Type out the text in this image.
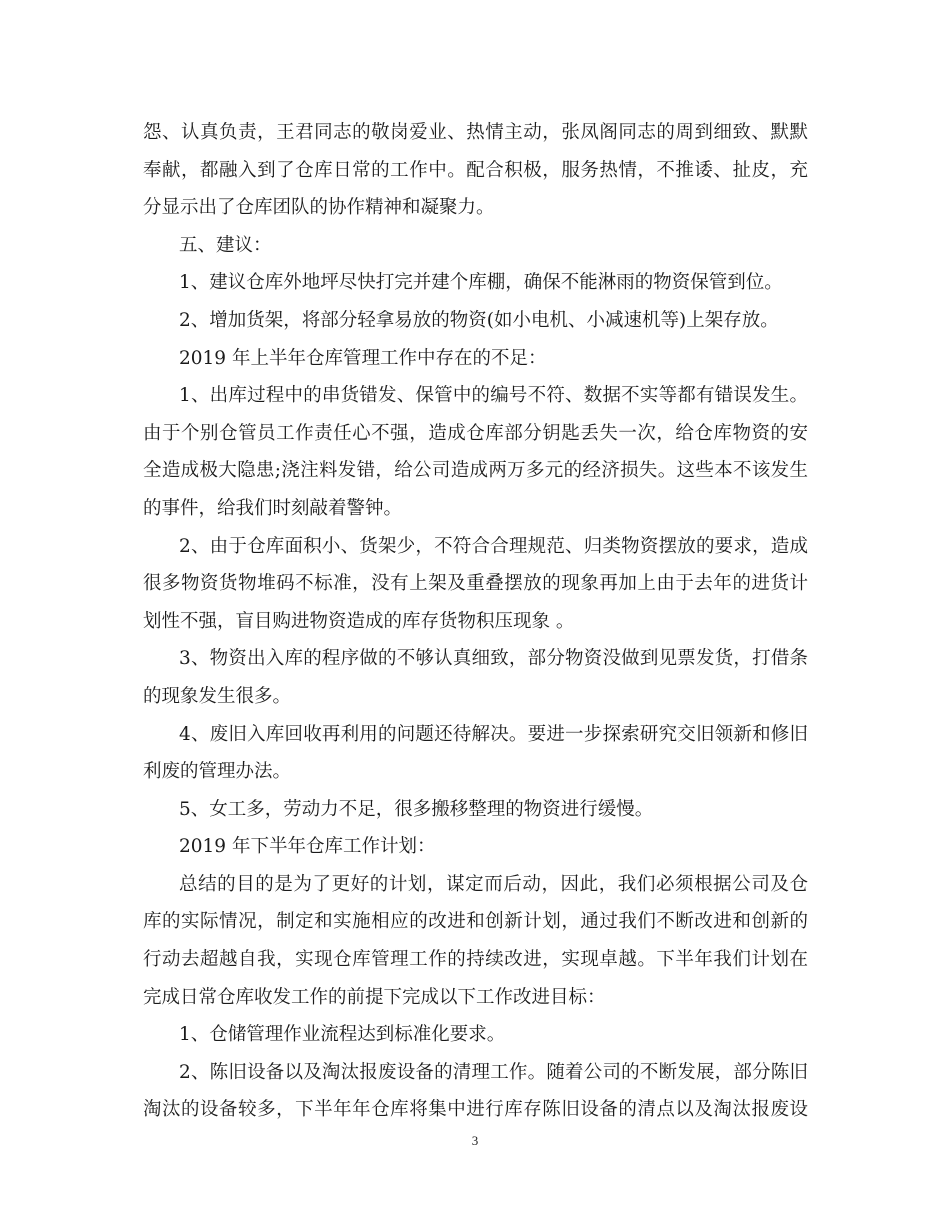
怨、认真负责，王君同志的敬岗爱业、热情主动，张凤阁同志的周到细致、默默
奉献，都融入到了仓库日常的工作中。配合积极，服务热情，不推诿、扯皮，充
分显示出了仓库团队的协作精神和凝聚力。
五、建议：
1、建议仓库外地坪尽快打完并建个库棚，确保不能淋雨的物资保管到位。
2、增加货架，将部分轻拿易放的物资(如小电机、小减速机等)上架存放。
2019 年上半年仓库管理工作中存在的不足：
1、出库过程中的串货错发、保管中的编号不符、数据不实等都有错误发生。
由于个别仓管员工作责任心不强，造成仓库部分钥匙丢失一次，给仓库物资的安
全造成极大隐患;浇注料发错，给公司造成两万多元的经济损失。这些本不该发生
的事件，给我们时刻敲着警钟。
2、由于仓库面积小、货架少，不符合合理规范、归类物资摆放的要求，造成
很多物资货物堆码不标准，没有上架及重叠摆放的现象再加上由于去年的进货计
划性不强，盲目购进物资造成的库存货物积压现象 。
3、物资出入库的程序做的不够认真细致，部分物资没做到见票发货，打借条
的现象发生很多。
4、废旧入库回收再利用的问题还待解决。要进一步探索研究交旧领新和修旧
利废的管理办法。
5、女工多，劳动力不足，很多搬移整理的物资进行缓慢。
2019 年下半年仓库工作计划：
总结的目的是为了更好的计划，谋定而后动，因此，我们必须根据公司及仓
库的实际情况，制定和实施相应的改进和创新计划，通过我们不断改进和创新的
行动去超越自我，实现仓库管理工作的持续改进，实现卓越。下半年我们计划在
完成日常仓库收发工作的前提下完成以下工作改进目标：
1、仓储管理作业流程达到标准化要求。
2、陈旧设备以及淘汰报废设备的清理工作。随着公司的不断发展，部分陈旧
淘汰的设备较多，下半年年仓库将集中进行库存陈旧设备的清点以及淘汰报废设
3
